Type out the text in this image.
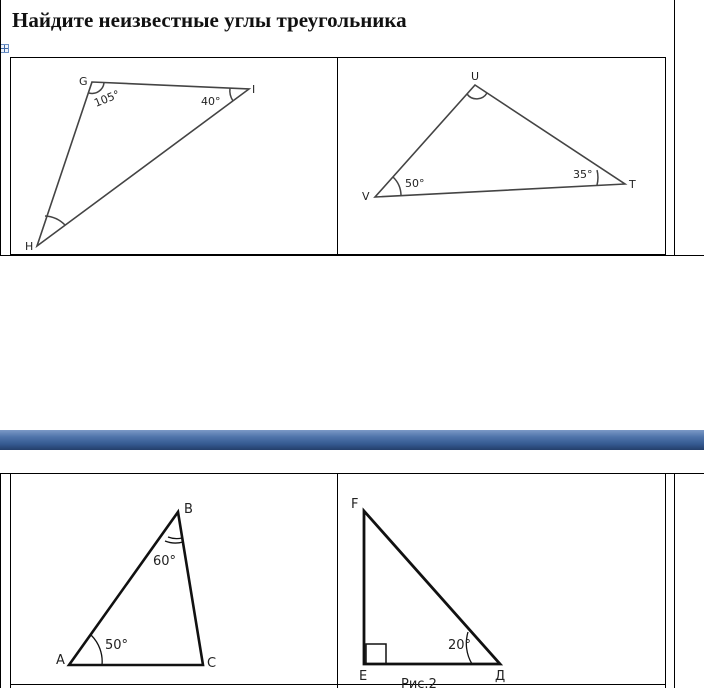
Найдите неизвестные углы треугольника
G
I
H
105°	40°
U
V
T
50°
35°
B
A	C
50°
60°
F
E	Д
20°
Рис.2
